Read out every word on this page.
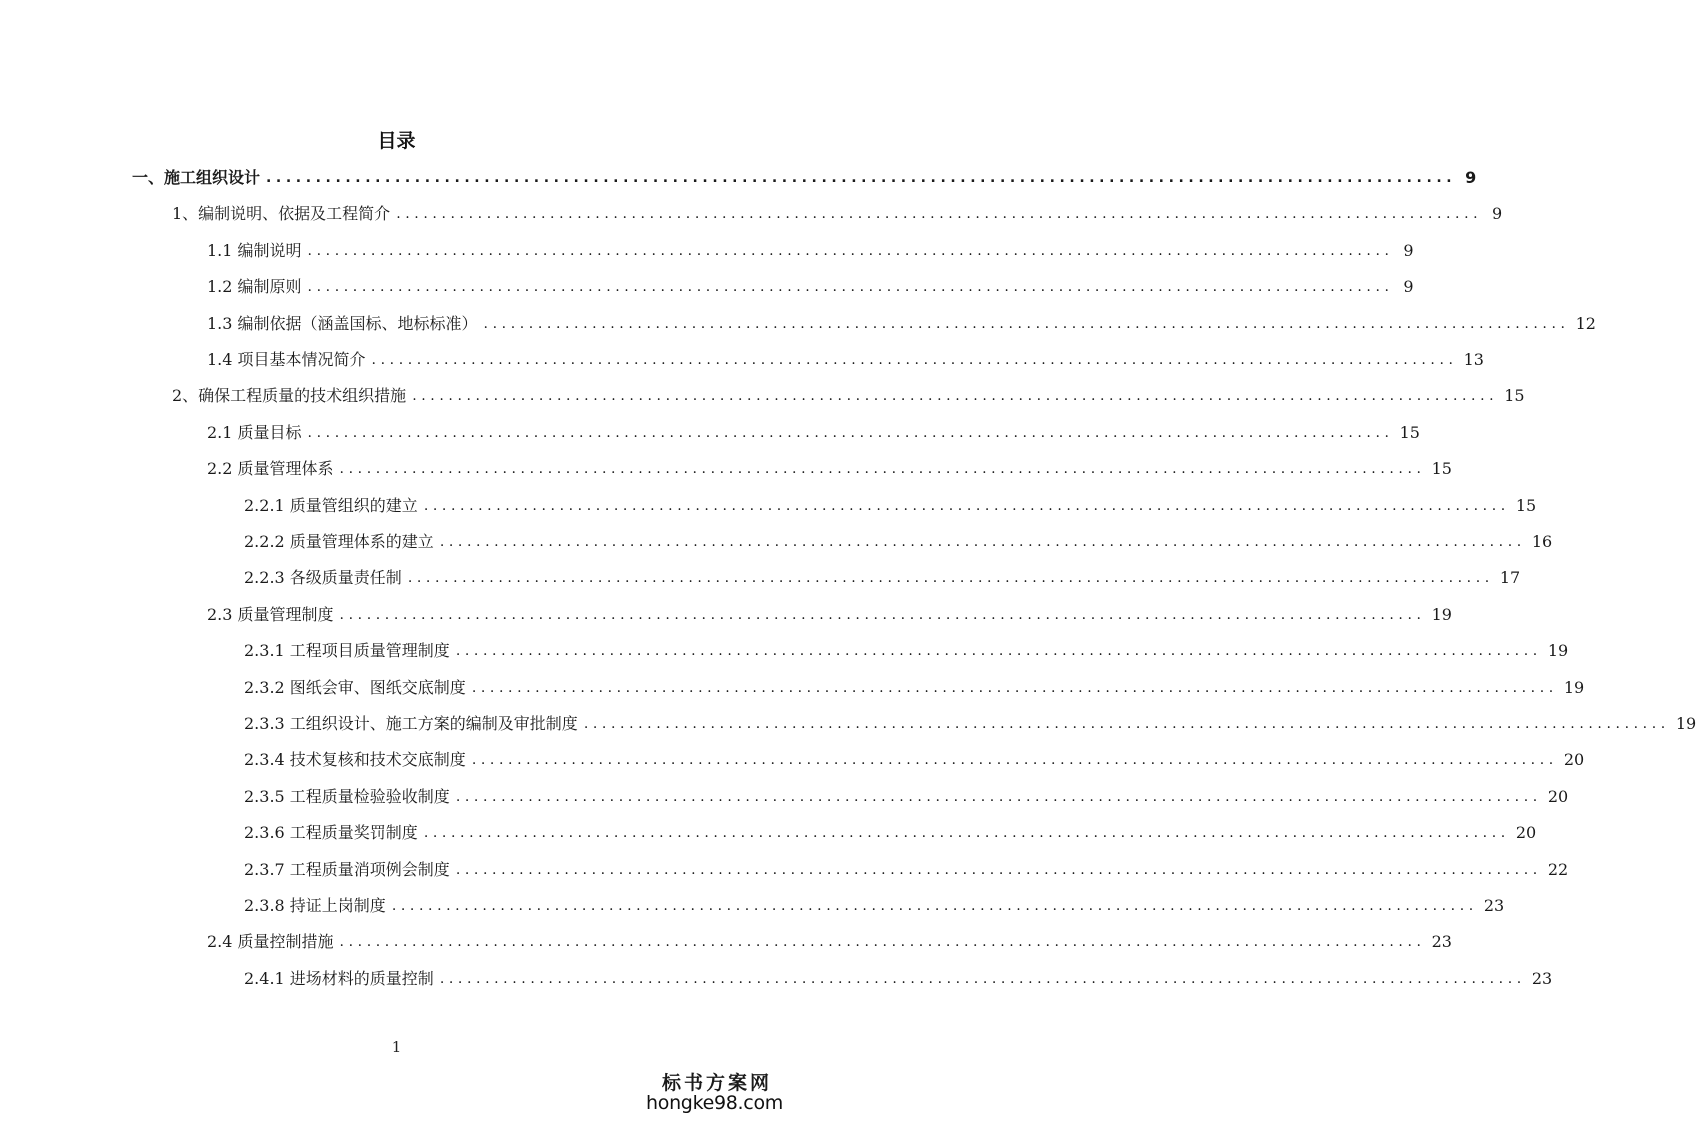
目录
一、施工组织设计 ........................................................................................................................ 9
1、编制说明、依据及工程简介 ........................................................................................................................ 9
1.1 编制说明 ........................................................................................................................ 9
1.2 编制原则 ........................................................................................................................ 9
1.3 编制依据（涵盖国标、地标标准） ........................................................................................................................ 12
1.4 项目基本情况简介 ........................................................................................................................ 13
2、确保工程质量的技术组织措施 ........................................................................................................................ 15
2.1 质量目标 ........................................................................................................................ 15
2.2 质量管理体系 ........................................................................................................................ 15
2.2.1 质量管组织的建立 ........................................................................................................................ 15
2.2.2 质量管理体系的建立 ........................................................................................................................ 16
2.2.3 各级质量责任制 ........................................................................................................................ 17
2.3 质量管理制度 ........................................................................................................................ 19
2.3.1 工程项目质量管理制度 ........................................................................................................................ 19
2.3.2 图纸会审、图纸交底制度 ........................................................................................................................ 19
2.3.3 工组织设计、施工方案的编制及审批制度 ........................................................................................................................ 19
2.3.4 技术复核和技术交底制度 ........................................................................................................................ 20
2.3.5 工程质量检验验收制度 ........................................................................................................................ 20
2.3.6 工程质量奖罚制度 ........................................................................................................................ 20
2.3.7 工程质量消项例会制度 ........................................................................................................................ 22
2.3.8 持证上岗制度 ........................................................................................................................ 23
2.4 质量控制措施 ........................................................................................................................ 23
2.4.1 进场材料的质量控制 ........................................................................................................................ 23
1
标书方案网
hongke98.com
